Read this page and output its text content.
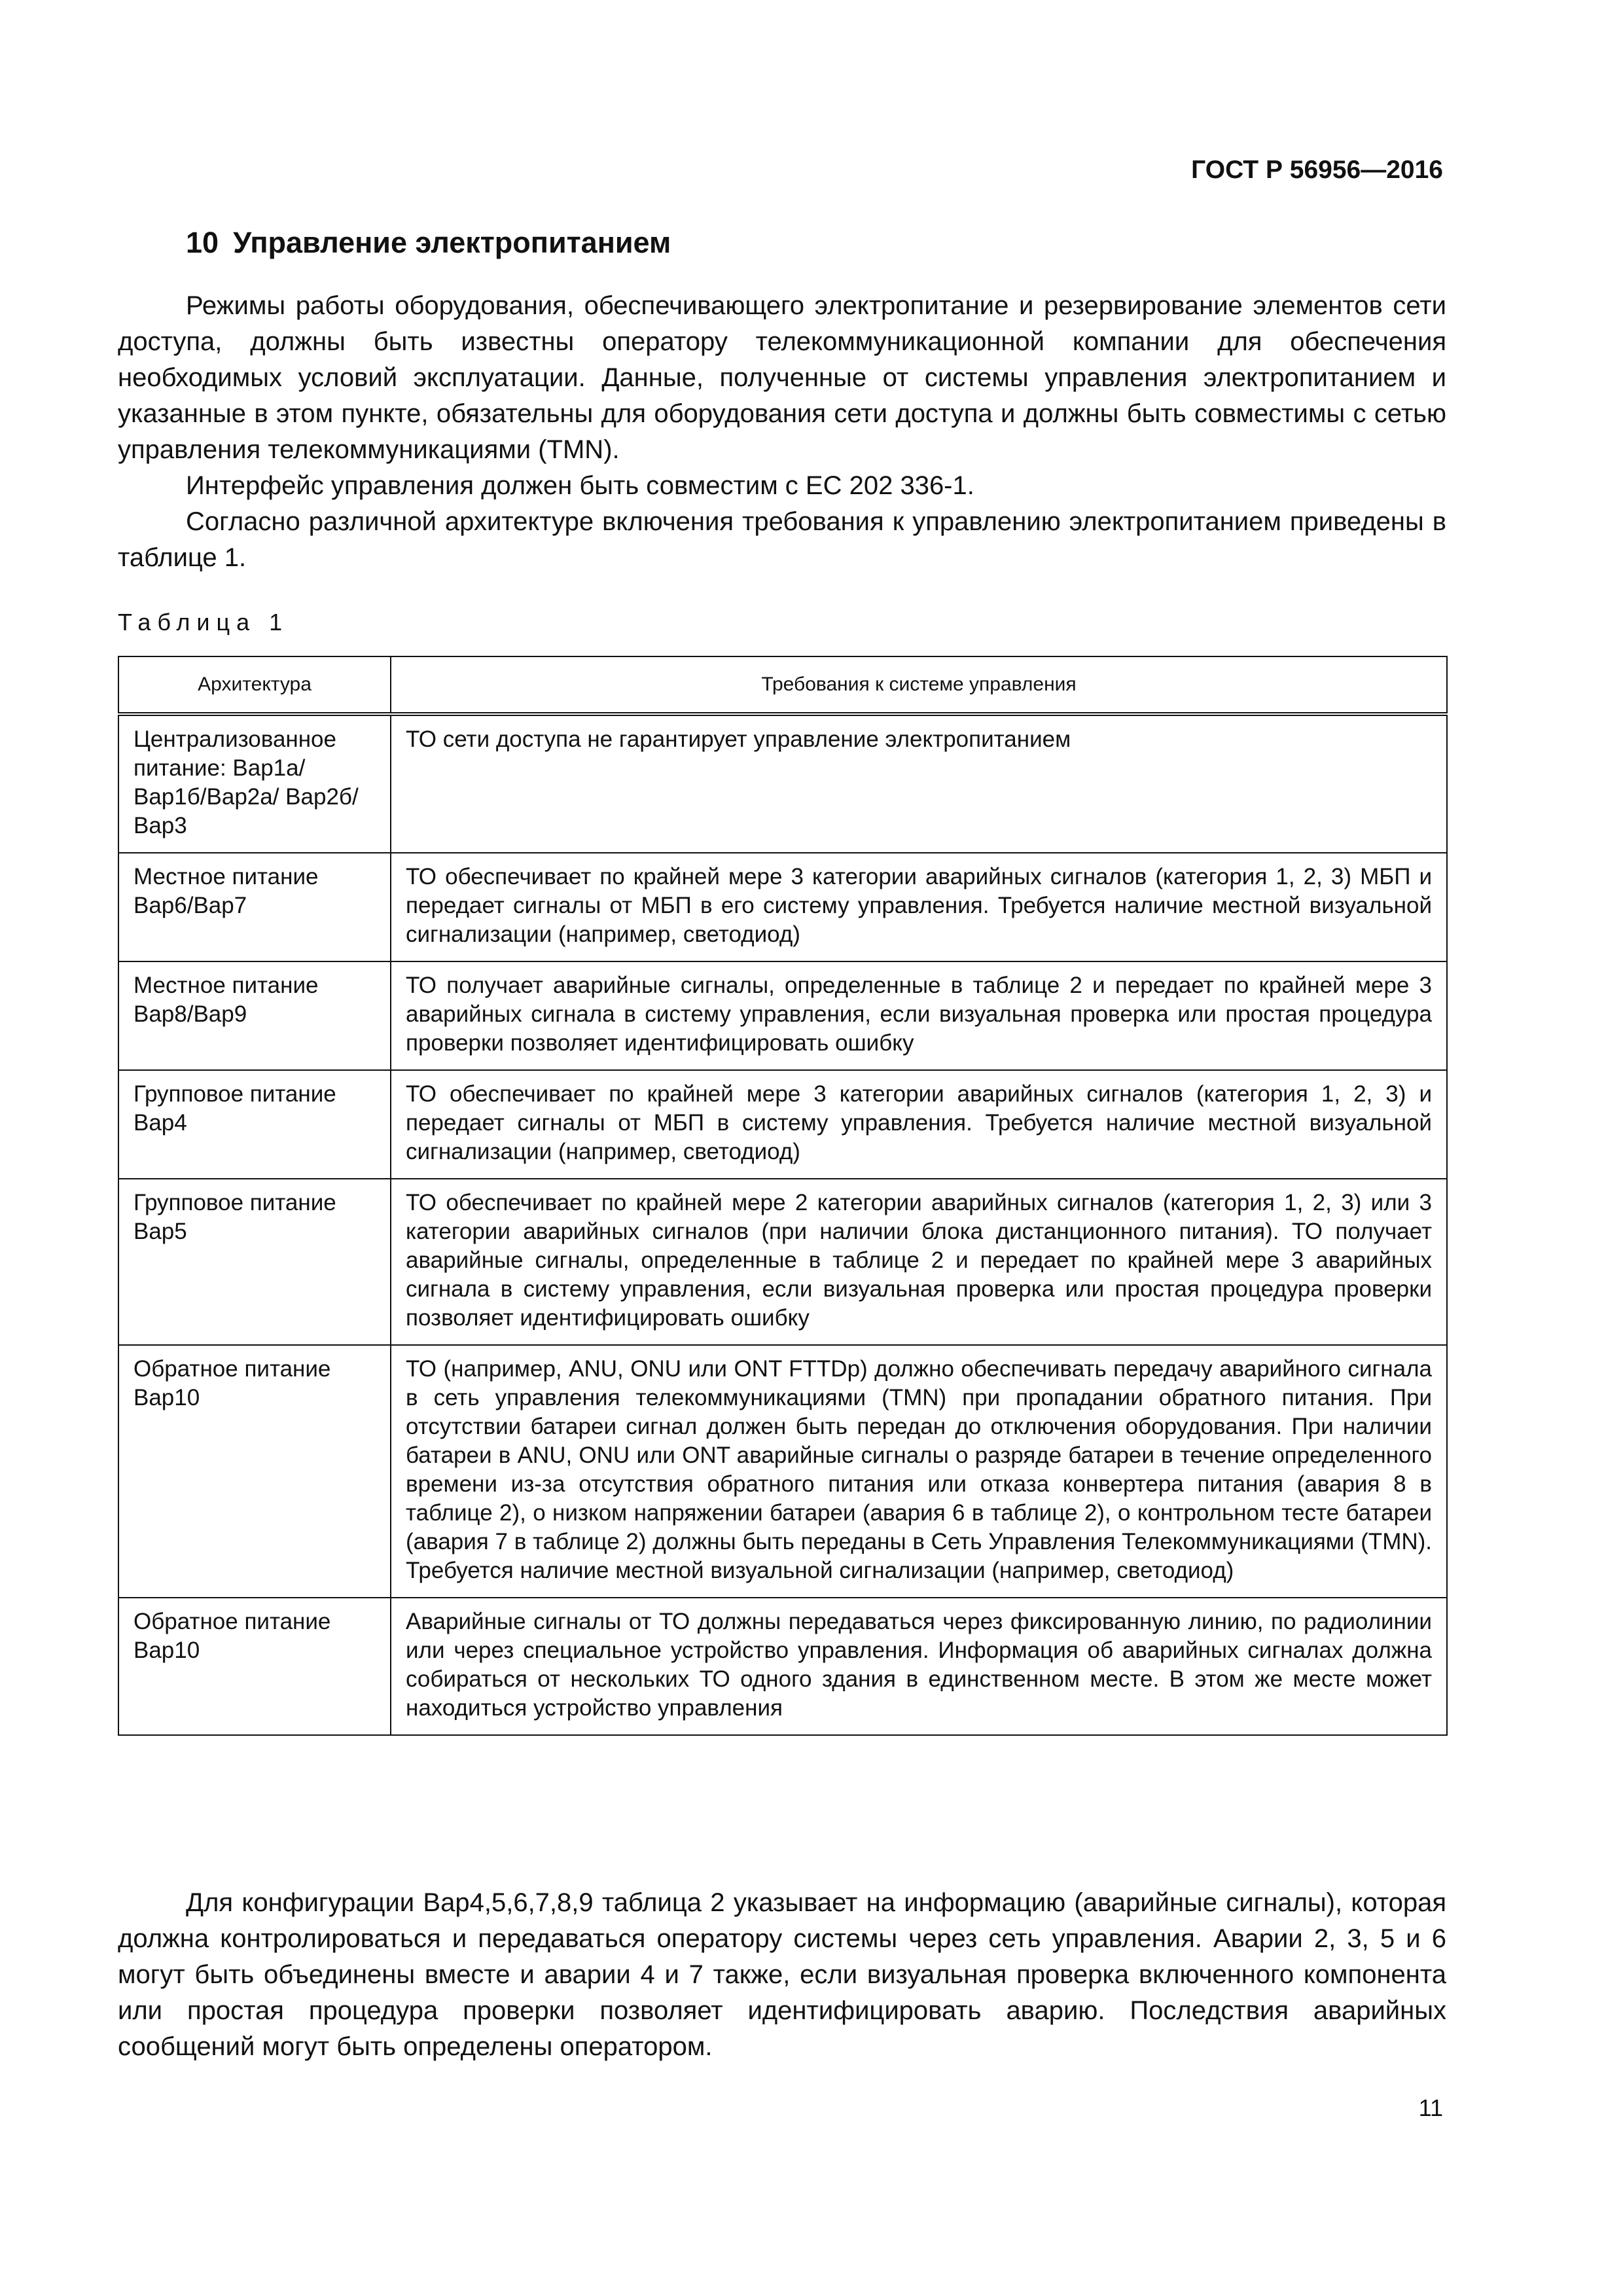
ГОСТ Р 56956—2016
10 Управление электропитанием

Режимы работы оборудования, обеспечивающего электропитание и резервирование элементов сети доступа, должны быть известны оператору телекоммуникационной компании для обеспечения необходимых условий эксплуатации. Данные, полученные от системы управления электропитанием и указанные в этом пункте, обязательны для оборудования сети доступа и должны быть совместимы с сетью управления телекоммуникациями (TMN).

Интерфейс управления должен быть совместим с ЕС 202 336-1.

Согласно различной архитектуре включения требования к управлению электропитанием приведены в таблице 1.

Таблица 1
Архитектура	Требования к системе управления
Централизованное питание: Вар1а/Вар1б/Вар2а/ Вар2б/Вар3	ТО сети доступа не гарантирует управление электропитанием
Местное питание Вар6/Вар7	ТО обеспечивает по крайней мере 3 категории аварийных сигналов (категория 1, 2, 3) МБП и передает сигналы от МБП в его систему управления. Требуется наличие местной визуальной сигнализации (например, светодиод)
Местное питание Вар8/Вар9	ТО получает аварийные сигналы, определенные в таблице 2 и передает по крайней мере 3 аварийных сигнала в систему управления, если визуальная проверка или простая процедура проверки позволяет идентифицировать ошибку
Групповое питание Вар4	ТО обеспечивает по крайней мере 3 категории аварийных сигналов (категория 1, 2, 3) и передает сигналы от МБП в систему управления. Требуется наличие местной визуальной сигнализации (например, светодиод)
Групповое питание Вар5	ТО обеспечивает по крайней мере 2 категории аварийных сигналов (категория 1, 2, 3) или 3 категории аварийных сигналов (при наличии блока дистанционного питания). ТО получает аварийные сигналы, определенные в таблице 2 и передает по крайней мере 3 аварийных сигнала в систему управления, если визуальная проверка или простая процедура проверки позволяет идентифицировать ошибку
Обратное питание Вар10	ТО (например, ANU, ONU или ONT FTTDp) должно обеспечивать передачу аварийного сигнала в сеть управления телекоммуникациями (TMN) при пропадании обратного питания. При отсутствии батареи сигнал должен быть передан до отключения оборудования. При наличии батареи в ANU, ONU или ONT аварийные сигналы о разряде батареи в течение определенного времени из-за отсутствия обратного питания или отказа конвертера питания (авария 8 в таблице 2), о низком напряжении батареи (авария 6 в таблице 2), о контрольном тесте батареи (авария 7 в таблице 2) должны быть переданы в Сеть Управления Телекоммуникациями (TMN). Требуется наличие местной визуальной сигнализации (например, светодиод)
Обратное питание Вар10	Аварийные сигналы от ТО должны передаваться через фиксированную линию, по радиолинии или через специальное устройство управления. Информация об аварийных сигналах должна собираться от нескольких ТО одного здания в единственном месте. В этом же месте может находиться устройство управления

Для конфигурации Вар4,5,6,7,8,9 таблица 2 указывает на информацию (аварийные сигналы), которая должна контролироваться и передаваться оператору системы через сеть управления. Аварии 2, 3, 5 и 6 могут быть объединены вместе и аварии 4 и 7 также, если визуальная проверка включенного компонента или простая процедура проверки позволяет идентифицировать аварию. Последствия аварийных сообщений могут быть определены оператором.

11
